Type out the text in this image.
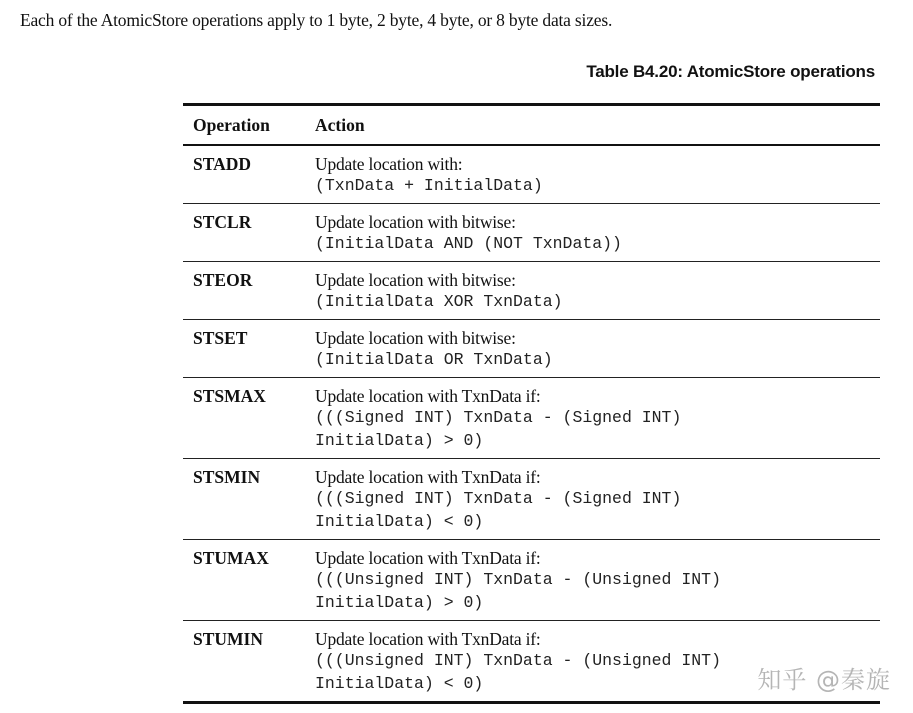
Each of the AtomicStore operations apply to 1 byte, 2 byte, 4 byte, or 8 byte data sizes.
Table B4.20: AtomicStore operations
Operation	Action
STADD	Update location with:
(TxnData + InitialData)
STCLR	Update location with bitwise:
(InitialData AND (NOT TxnData))
STEOR	Update location with bitwise:
(InitialData XOR TxnData)
STSET	Update location with bitwise:
(InitialData OR TxnData)
STSMAX	Update location with TxnData if:
(((Signed INT) TxnData - (Signed INT)
InitialData) > 0)
STSMIN	Update location with TxnData if:
(((Signed INT) TxnData - (Signed INT)
InitialData) < 0)
STUMAX	Update location with TxnData if:
(((Unsigned INT) TxnData - (Unsigned INT)
InitialData) > 0)
STUMIN	Update location with TxnData if:
(((Unsigned INT) TxnData - (Unsigned INT)
InitialData) < 0)	知乎 @秦旋
